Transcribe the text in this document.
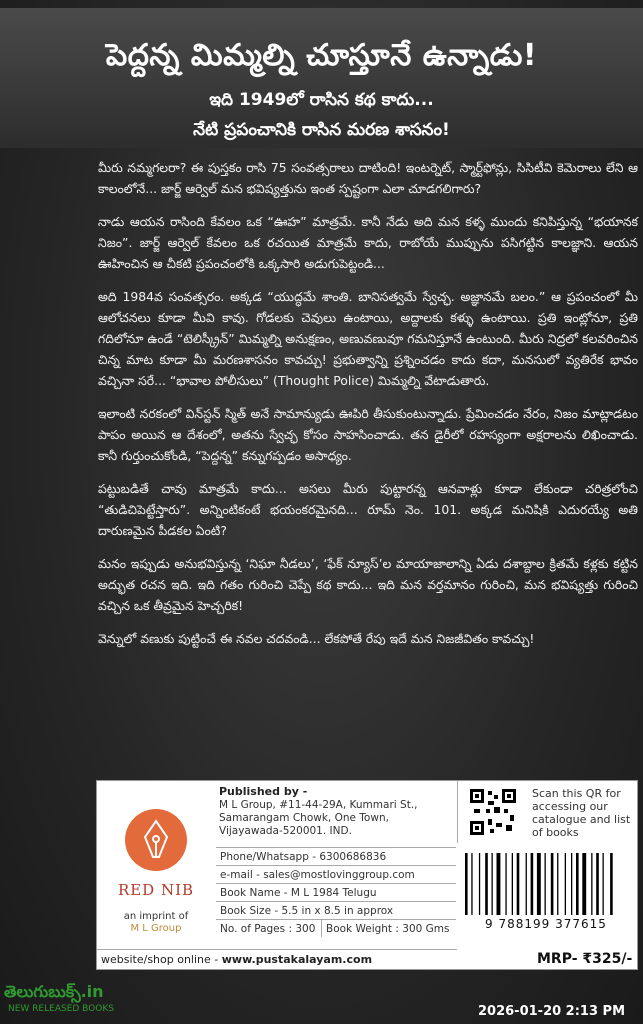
పెద్దన్న మిమ్మల్ని చూస్తూనే ఉన్నాడు!
ఇది 1949లో రాసిన కథ కాదు...
నేటి ప్రపంచానికి రాసిన మరణ శాసనం!

మీరు నమ్మగలరా? ఈ పుస్తకం రాసి 75 సంవత్సరాలు దాటింది! ఇంటర్నెట్, స్మార్ట్‌ఫోన్లు, సిసిటీవి కెమెరాలు లేని ఆ కాలంలోనే... జార్జ్ ఆర్వెల్ మన భవిష్యత్తును ఇంత స్పష్టంగా ఎలా చూడగలిగారు?

నాడు ఆయన రాసింది కేవలం ఒక “ఊహ” మాత్రమే. కానీ నేడు అది మన కళ్ళ ముందు కనిపిస్తున్న “భయానక నిజం”. జార్జ్ ఆర్వెల్ కేవలం ఒక రచయిత మాత్రమే కాదు, రాబోయే ముప్పును పసిగట్టిన కాలజ్ఞాని. ఆయన ఊహించిన ఆ చీకటి ప్రపంచంలోకి ఒక్కసారి అడుగుపెట్టండి...

అది 1984వ సంవత్సరం. అక్కడ “యుద్ధమే శాంతి. బానిసత్వమే స్వేచ్ఛ. అజ్ఞానమే బలం.” ఆ ప్రపంచంలో మీ ఆలోచనలు కూడా మీవి కావు. గోడలకు చెవులు ఉంటాయి, అద్దాలకు కళ్ళు ఉంటాయి. ప్రతి ఇంట్లోనూ, ప్రతి గదిలోనూ ఉండే “టెలిస్క్రీన్” మిమ్మల్ని అనుక్షణం, అణువణువూ గమనిస్తూనే ఉంటుంది. మీరు నిద్రలో కలవరించిన చిన్న మాట కూడా మీ మరణశాసనం కావచ్చు! ప్రభుత్వాన్ని ప్రశ్నించడం కాదు కదా, మనసులో వ్యతిరేక భావం వచ్చినా సరే... “భావాల పోలీసులు” (Thought Police) మిమ్మల్ని వేటాడుతారు.

ఇలాంటి నరకంలో విన్‌స్టన్ స్మిత్ అనే సామాన్యుడు ఊపిరి తీసుకుంటున్నాడు. ప్రేమించడం నేరం, నిజం మాట్లాడటం పాపం అయిన ఆ దేశంలో, అతను స్వేచ్ఛ కోసం సాహసించాడు. తన డైరీలో రహస్యంగా అక్షరాలను లిఖించాడు. కానీ గుర్తుంచుకోండి, “పెద్దన్న” కన్నుగప్పడం అసాధ్యం.

పట్టుబడితే చావు మాత్రమే కాదు... అసలు మీరు పుట్టారన్న ఆనవాళ్లు కూడా లేకుండా చరిత్రలోంచి “తుడిచిపెట్టేస్తారు”. అన్నింటికంటే భయంకరమైనది... రూమ్ నెం. 101. అక్కడ మనిషికి ఎదురయ్యే అతి దారుణమైన పీడకల ఏంటి?

మనం ఇప్పుడు అనుభవిస్తున్న ‘నిఘా నీడలు’, ‘ఫేక్ న్యూస్’ల మాయాజాలాన్ని ఏడు దశాబ్దాల క్రితమే కళ్లకు కట్టిన అద్భుత రచన ఇది. ఇది గతం గురించి చెప్పే కథ కాదు... ఇది మన వర్తమానం గురించి, మన భవిష్యత్తు గురించి వచ్చిన ఒక తీవ్రమైన హెచ్చరిక!

వెన్నులో వణుకు పుట్టించే ఈ నవల చదవండి... లేకపోతే రేపు ఇదే మన నిజజీవితం కావచ్చు!

RED NIB
an imprint of
M L Group
Published by -
M L Group, #11-44-29A, Kummari St.,
Samarangam Chowk, One Town,
Vijayawada-520001. IND.
Phone/Whatsapp - 6300686836
e-mail - sales@mostlovinggroup.com
Book Name - M L 1984 Telugu
Book Size - 5.5 in x 8.5 in approx
No. of Pages : 300	Book Weight : 300 Gms
website/shop online - www.pustakalayam.com
Scan this QR for accessing our catalogue and list of books
9 788199 377615
MRP- ₹325/-
తెలుగుబుక్స్.in
NEW RELEASED BOOKS	2026-01-20 2:13 PM
